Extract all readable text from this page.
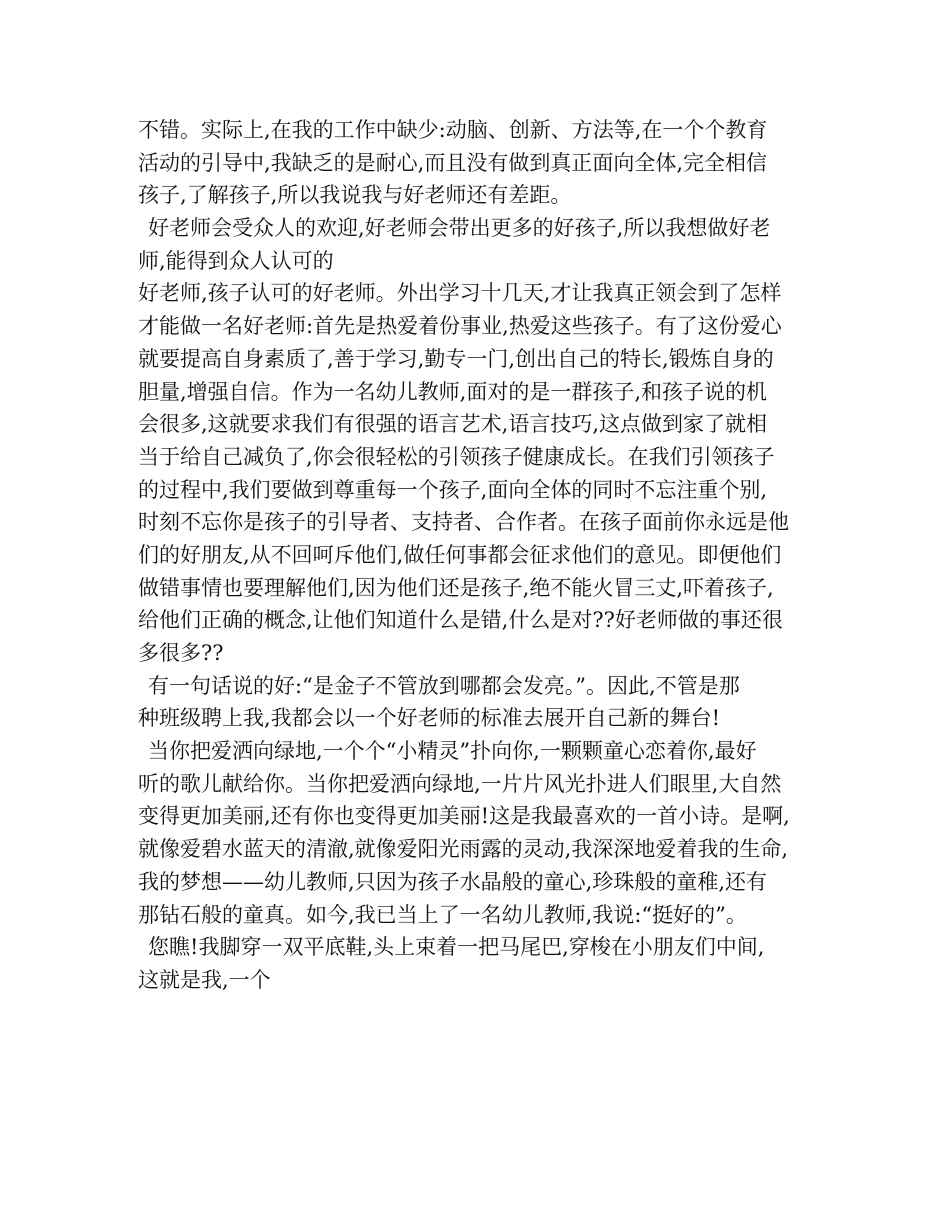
不错。实际上,在我的工作中缺少:动脑、创新、方法等,在一个个教育
活动的引导中,我缺乏的是耐心,而且没有做到真正面向全体,完全相信
孩子,了解孩子,所以我说我与好老师还有差距。
好老师会受众人的欢迎,好老师会带出更多的好孩子,所以我想做好老
师,能得到众人认可的
好老师,孩子认可的好老师。外出学习十几天,才让我真正领会到了怎样
才能做一名好老师:首先是热爱着份事业,热爱这些孩子。有了这份爱心
就要提高自身素质了,善于学习,勤专一门,创出自己的特长,锻炼自身的
胆量,增强自信。作为一名幼儿教师,面对的是一群孩子,和孩子说的机
会很多,这就要求我们有很强的语言艺术,语言技巧,这点做到家了就相
当于给自己减负了,你会很轻松的引领孩子健康成长。在我们引领孩子
的过程中,我们要做到尊重每一个孩子,面向全体的同时不忘注重个别,
时刻不忘你是孩子的引导者、支持者、合作者。在孩子面前你永远是他
们的好朋友,从不回呵斥他们,做任何事都会征求他们的意见。即便他们
做错事情也要理解他们,因为他们还是孩子,绝不能火冒三丈,吓着孩子,
给他们正确的概念,让他们知道什么是错,什么是对??好老师做的事还很
多很多??
有一句话说的好:“是金子不管放到哪都会发亮。”。因此,不管是那
种班级聘上我,我都会以一个好老师的标准去展开自己新的舞台!
当你把爱洒向绿地,一个个“小精灵”扑向你,一颗颗童心恋着你,最好
听的歌儿献给你。当你把爱洒向绿地,一片片风光扑进人们眼里,大自然
变得更加美丽,还有你也变得更加美丽!这是我最喜欢的一首小诗。是啊,
就像爱碧水蓝天的清澈,就像爱阳光雨露的灵动,我深深地爱着我的生命,
我的梦想——幼儿教师,只因为孩子水晶般的童心,珍珠般的童稚,还有
那钻石般的童真。如今,我已当上了一名幼儿教师,我说:“挺好的”。
您瞧!我脚穿一双平底鞋,头上束着一把马尾巴,穿梭在小朋友们中间,
这就是我,一个
